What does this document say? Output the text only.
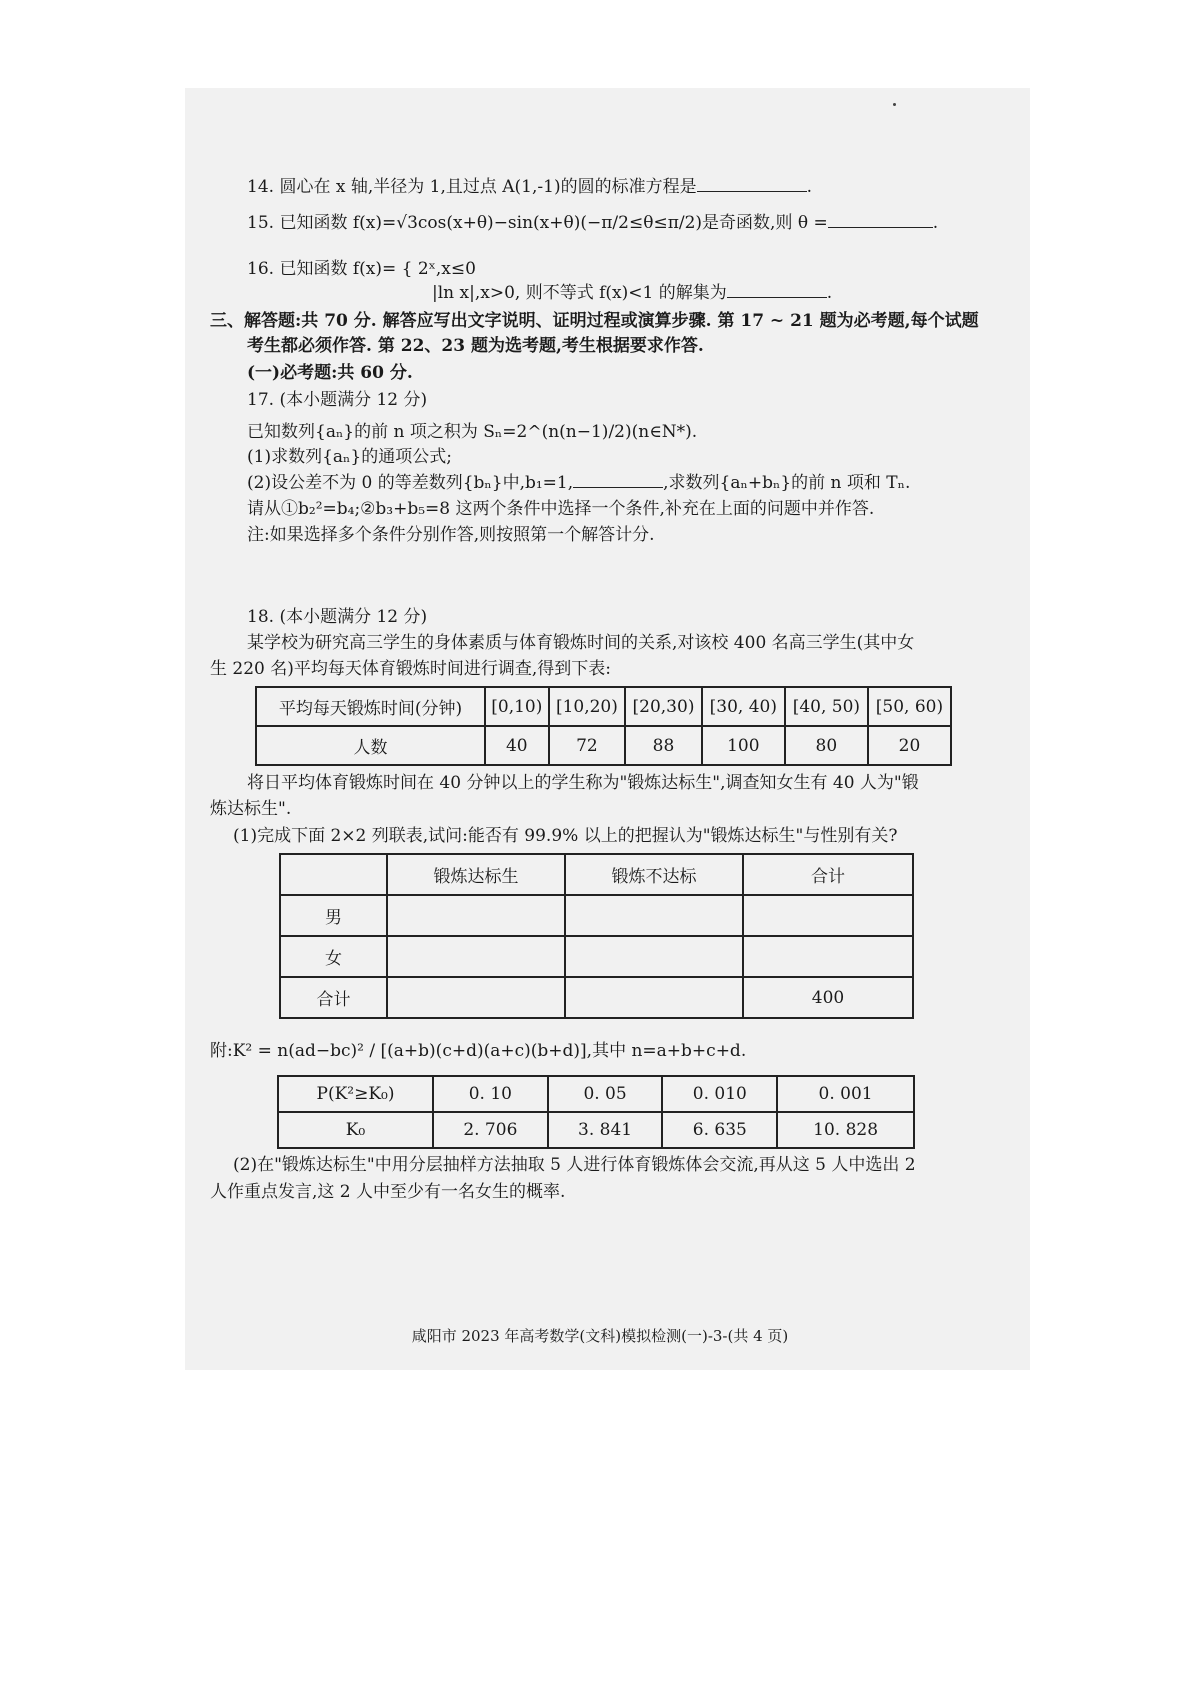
14. 圆心在 x 轴,半径为 1,且过点 A(1,-1)的圆的标准方程是	.
15. 已知函数 f(x)=√3cos(x+θ)−sin(x+θ)(−π/2≤θ≤π/2)是奇函数,则 θ =	.
16. 已知函数 f(x)= { 2ˣ,x≤0
|ln x|,x>0, 则不等式 f(x)<1 的解集为	.
三、解答题:共 70 分. 解答应写出文字说明、证明过程或演算步骤. 第 17 ~ 21 题为必考题,每个试题
考生都必须作答. 第 22、23 题为选考题,考生根据要求作答.
(一)必考题:共 60 分.
17. (本小题满分 12 分)
已知数列{aₙ}的前 n 项之积为 Sₙ=2^(n(n−1)/2)(n∈N*).
(1)求数列{aₙ}的通项公式;
(2)设公差不为 0 的等差数列{bₙ}中,b₁=1,	,求数列{aₙ+bₙ}的前 n 项和 Tₙ.
请从①b₂²=b₄;②b₃+b₅=8 这两个条件中选择一个条件,补充在上面的问题中并作答.
注:如果选择多个条件分别作答,则按照第一个解答计分.
18. (本小题满分 12 分)
某学校为研究高三学生的身体素质与体育锻炼时间的关系,对该校 400 名高三学生(其中女
生 220 名)平均每天体育锻炼时间进行调查,得到下表:
平均每天锻炼时间(分钟)	[0,10)	[10,20)	[20,30)	[30, 40)	[40, 50)	[50, 60)
人数	40	72	88	100	80	20
将日平均体育锻炼时间在 40 分钟以上的学生称为"锻炼达标生",调查知女生有 40 人为"锻
炼达标生".
(1)完成下面 2×2 列联表,试问:能否有 99.9% 以上的把握认为"锻炼达标生"与性别有关?
	锻炼达标生	锻炼不达标	合计
男			
女			
合计			400
附:K² = n(ad−bc)² / [(a+b)(c+d)(a+c)(b+d)],其中 n=a+b+c+d.
P(K²≥K₀)	0. 10	0. 05	0. 010	0. 001
K₀	2. 706	3. 841	6. 635	10. 828
(2)在"锻炼达标生"中用分层抽样方法抽取 5 人进行体育锻炼体会交流,再从这 5 人中选出 2
人作重点发言,这 2 人中至少有一名女生的概率.
咸阳市 2023 年高考数学(文科)模拟检测(一)-3-(共 4 页)
